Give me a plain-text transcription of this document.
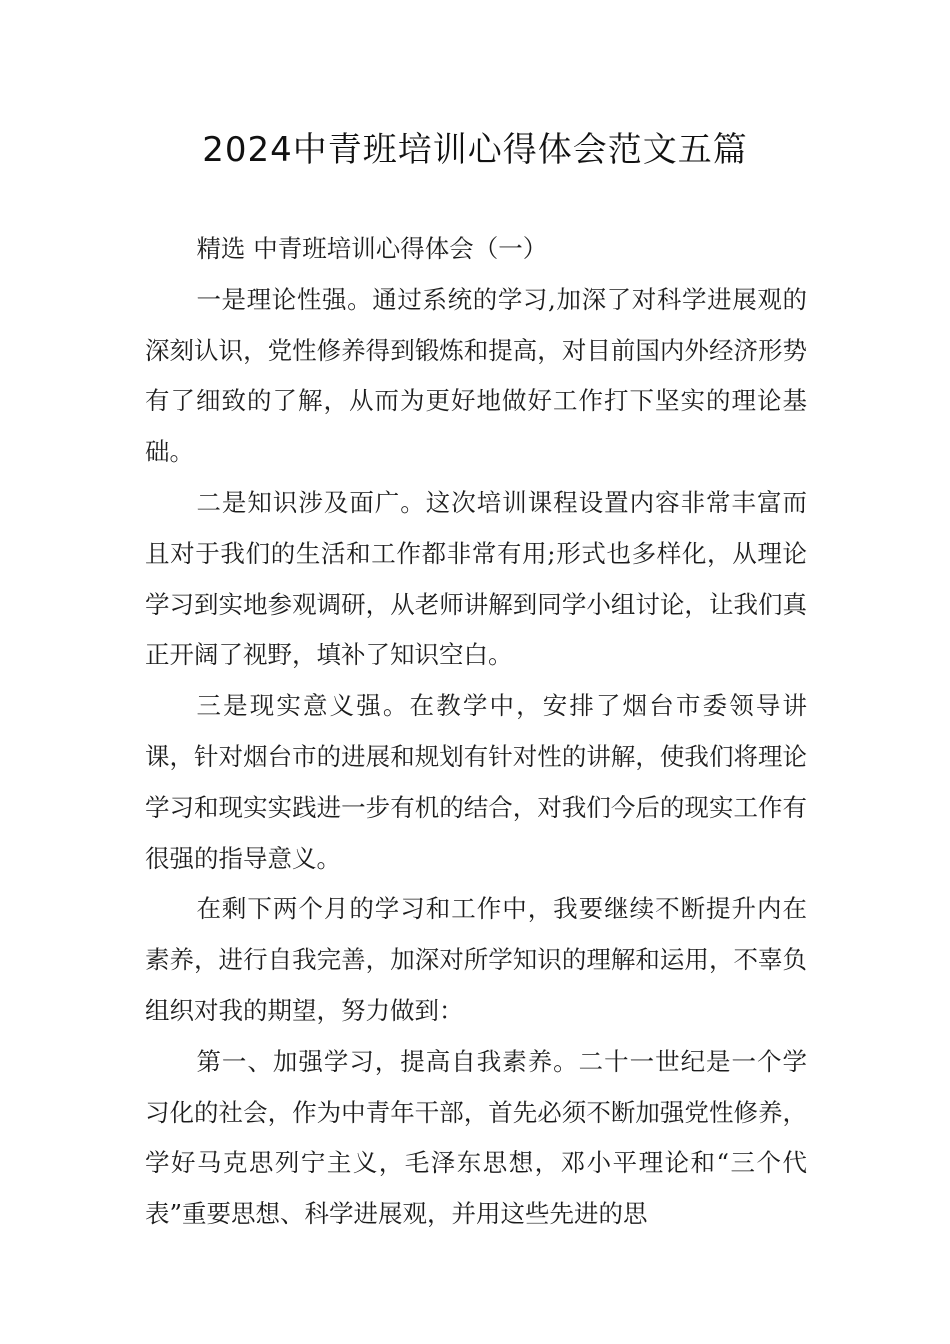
2024中青班培训心得体会范文五篇

精选 中青班培训心得体会（一）

一是理论性强。通过系统的学习,加深了对科学进展观的深刻认识，党性修养得到锻炼和提高，对目前国内外经济形势有了细致的了解，从而为更好地做好工作打下坚实的理论基础。

二是知识涉及面广。这次培训课程设置内容非常丰富而且对于我们的生活和工作都非常有用;形式也多样化，从理论学习到实地参观调研，从老师讲解到同学小组讨论，让我们真正开阔了视野，填补了知识空白。

三是现实意义强。在教学中，安排了烟台市委领导讲课，针对烟台市的进展和规划有针对性的讲解，使我们将理论学习和现实实践进一步有机的结合，对我们今后的现实工作有很强的指导意义。

在剩下两个月的学习和工作中，我要继续不断提升内在素养，进行自我完善，加深对所学知识的理解和运用，不辜负组织对我的期望，努力做到：

第一、加强学习，提高自我素养。二十一世纪是一个学习化的社会，作为中青年干部，首先必须不断加强党性修养，学好马克思列宁主义，毛泽东思想，邓小平理论和“三个代表”重要思想、科学进展观，并用这些先进的思
